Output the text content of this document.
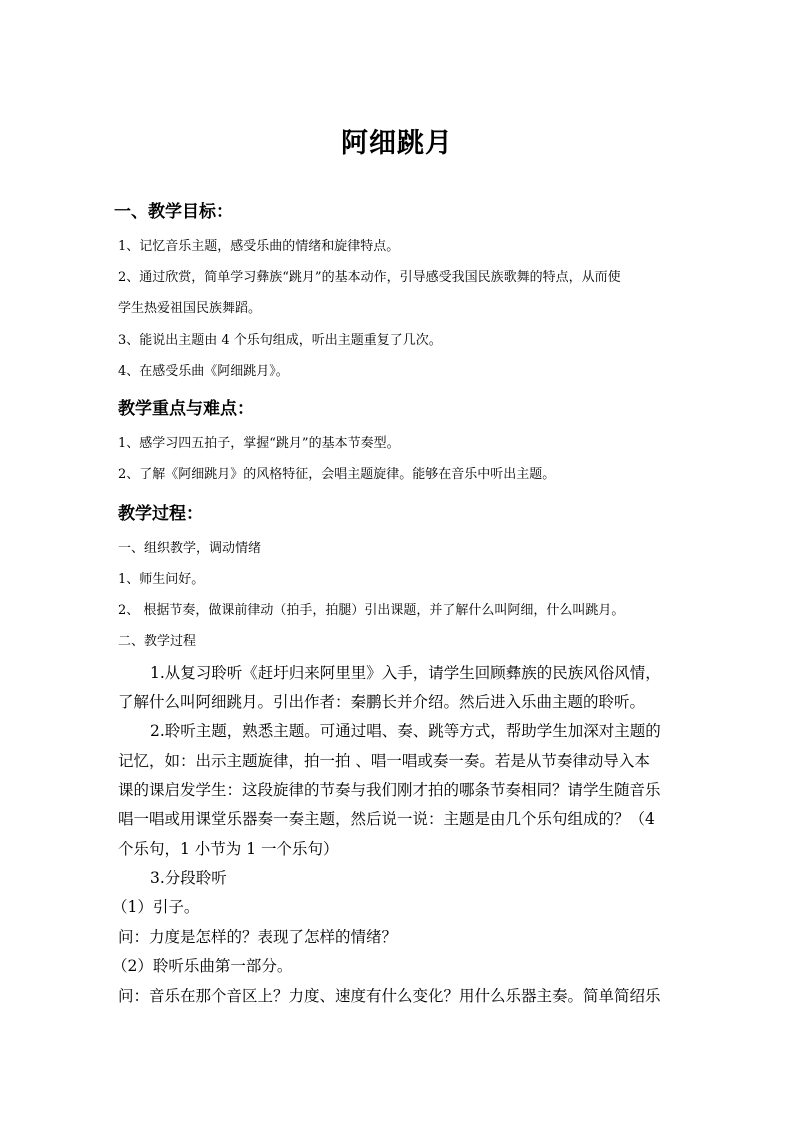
阿细跳月
一、教学目标：
1、记忆音乐主题，感受乐曲的情绪和旋律特点。
2、通过欣赏，简单学习彝族“跳月”的基本动作，引导感受我国民族歌舞的特点，从而使
学生热爱祖国民族舞蹈。
3、能说出主题由 4 个乐句组成，听出主题重复了几次。
4、在感受乐曲《阿细跳月》。
教学重点与难点：
1、感学习四五拍子，掌握“跳月”的基本节奏型。
2、了解《阿细跳月》的风格特征，会唱主题旋律。能够在音乐中听出主题。
教学过程：
一、组织教学，调动情绪
1、师生问好。
2、 根据节奏，做课前律动（拍手，拍腿）引出课题，并了解什么叫阿细，什么叫跳月。
二、教学过程
1.从复习聆听《赶圩归来阿里里》入手，请学生回顾彝族的民族风俗风情，
了解什么叫阿细跳月。引出作者：秦鹏长并介绍。然后进入乐曲主题的聆听。
2.聆听主题，熟悉主题。可通过唱、奏、跳等方式，帮助学生加深对主题的
记忆，如：出示主题旋律，拍一拍 、唱一唱或奏一奏。若是从节奏律动导入本
课的课启发学生：这段旋律的节奏与我们刚才拍的哪条节奏相同？请学生随音乐
唱一唱或用课堂乐器奏一奏主题，然后说一说：主题是由几个乐句组成的？（4
个乐句，1 小节为 1 一个乐句）
3.分段聆听
（1）引子。
问：力度是怎样的？表现了怎样的情绪？
（2）聆听乐曲第一部分。
问：音乐在那个音区上？力度、速度有什么变化？用什么乐器主奏。简单简绍乐
